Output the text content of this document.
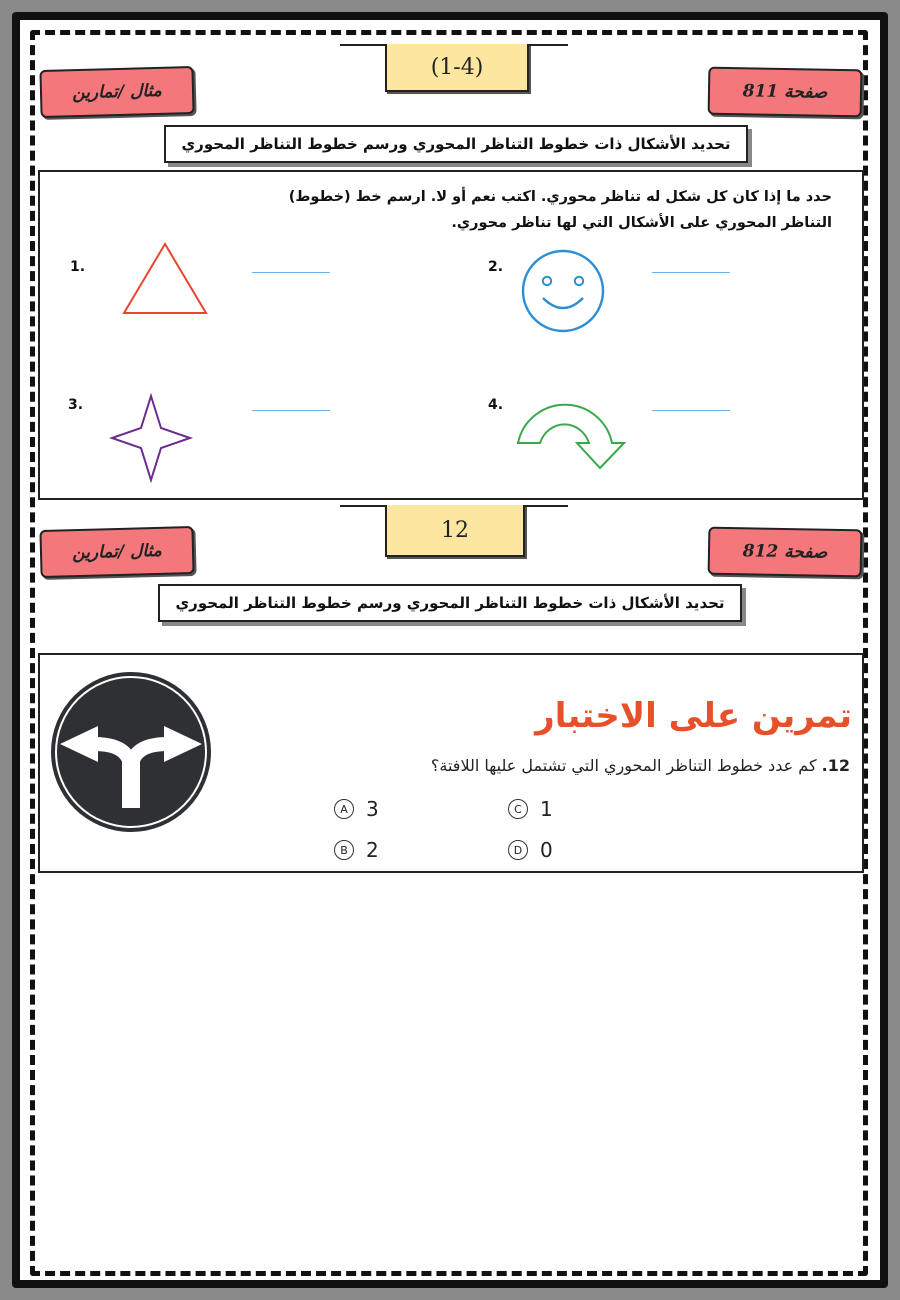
(1-4)
مثال /تمارين	صفحة 811
تحديد الأشكال ذات خطوط التناظر المحوري ورسم خطوط التناظر المحوري
حدد ما إذا كان كل شكل له تناظر محوري. اكتب نعم أو لا. ارسم خط (خطوط)
التناظر المحوري على الأشكال التي لها تناظر محوري.
1.	2.
3.	4.
12
مثال /تمارين	صفحة 812
تحديد الأشكال ذات خطوط التناظر المحوري ورسم خطوط التناظر المحوري
تمرين على الاختبار
12. كم عدد خطوط التناظر المحوري التي تشتمل عليها اللافتة؟
A 3
B 2
C 1
D 0
